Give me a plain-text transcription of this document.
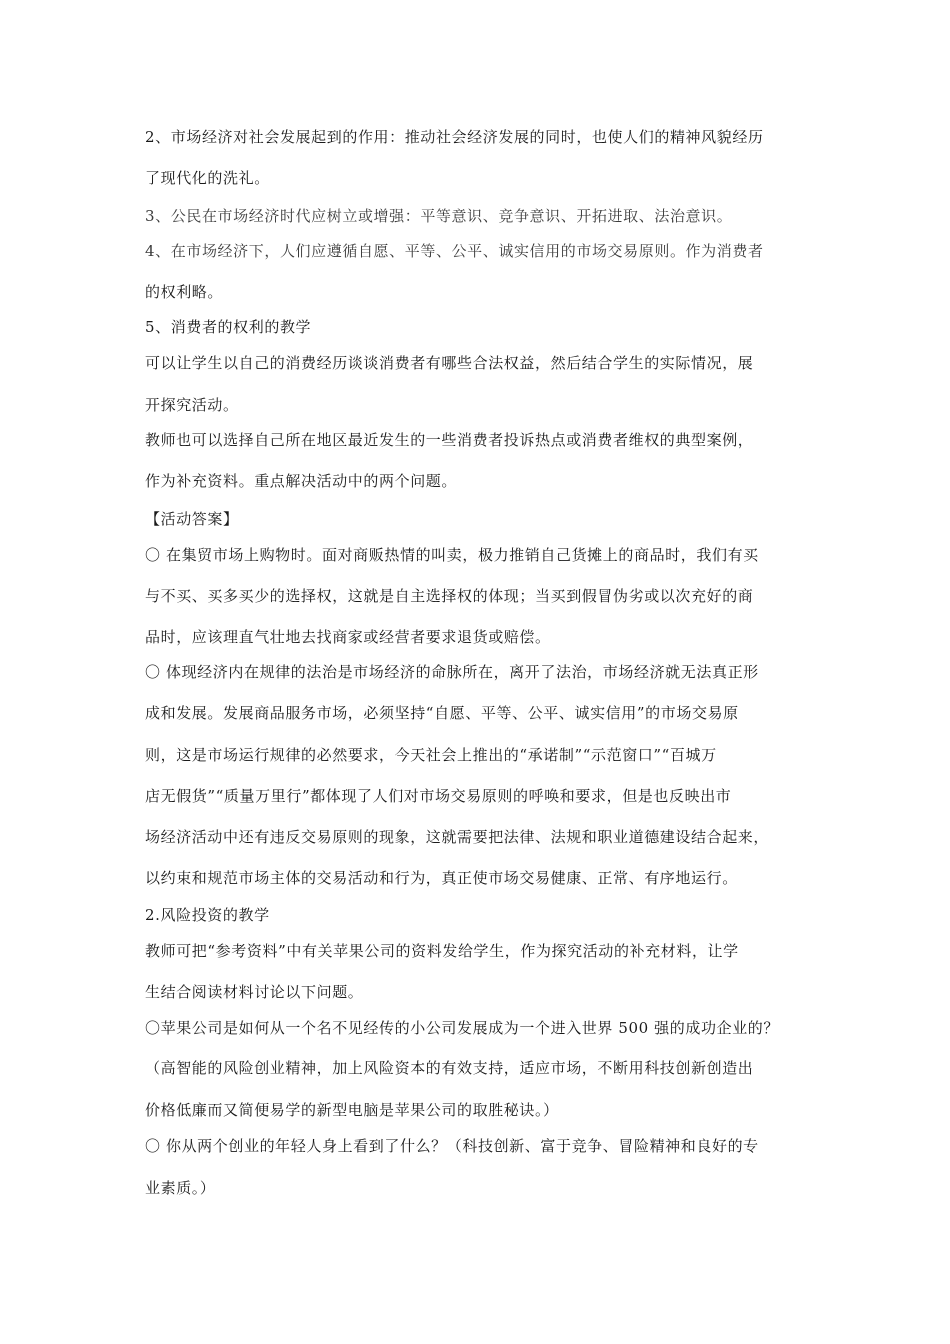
2、市场经济对社会发展起到的作用：推动社会经济发展的同时，也使人们的精神风貌经历
了现代化的洗礼。
3、公民在市场经济时代应树立或增强：平等意识、竞争意识、开拓进取、法治意识。
4、在市场经济下，人们应遵循自愿、平等、公平、诚实信用的市场交易原则。作为消费者
的权利略。
5、消费者的权利的教学
可以让学生以自己的消费经历谈谈消费者有哪些合法权益，然后结合学生的实际情况，展
开探究活动。
教师也可以选择自己所在地区最近发生的一些消费者投诉热点或消费者维权的典型案例，
作为补充资料。重点解决活动中的两个问题。
【活动答案】
〇 在集贸市场上购物时。面对商贩热情的叫卖，极力推销自己货摊上的商品时，我们有买
与不买、买多买少的选择权，这就是自主选择权的体现；当买到假冒伪劣或以次充好的商
品时，应该理直气壮地去找商家或经营者要求退货或赔偿。
〇 体现经济内在规律的法治是市场经济的命脉所在，离开了法治，市场经济就无法真正形
成和发展。发展商品服务市场，必须坚持“自愿、平等、公平、诚实信用”的市场交易原
则，这是市场运行规律的必然要求，今天社会上推出的“承诺制”“示范窗口”“百城万
店无假货”“质量万里行”都体现了人们对市场交易原则的呼唤和要求，但是也反映出市
场经济活动中还有违反交易原则的现象，这就需要把法律、法规和职业道德建设结合起来，
以约束和规范市场主体的交易活动和行为，真正使市场交易健康、正常、有序地运行。
2.风险投资的教学
教师可把“参考资料”中有关苹果公司的资料发给学生，作为探究活动的补充材料，让学
生结合阅读材料讨论以下问题。
〇苹果公司是如何从一个名不见经传的小公司发展成为一个进入世界 500 强的成功企业的？
（高智能的风险创业精神，加上风险资本的有效支持，适应市场，不断用科技创新创造出
价格低廉而又简便易学的新型电脑是苹果公司的取胜秘诀。）
〇 你从两个创业的年轻人身上看到了什么？（科技创新、富于竞争、冒险精神和良好的专
业素质。）
